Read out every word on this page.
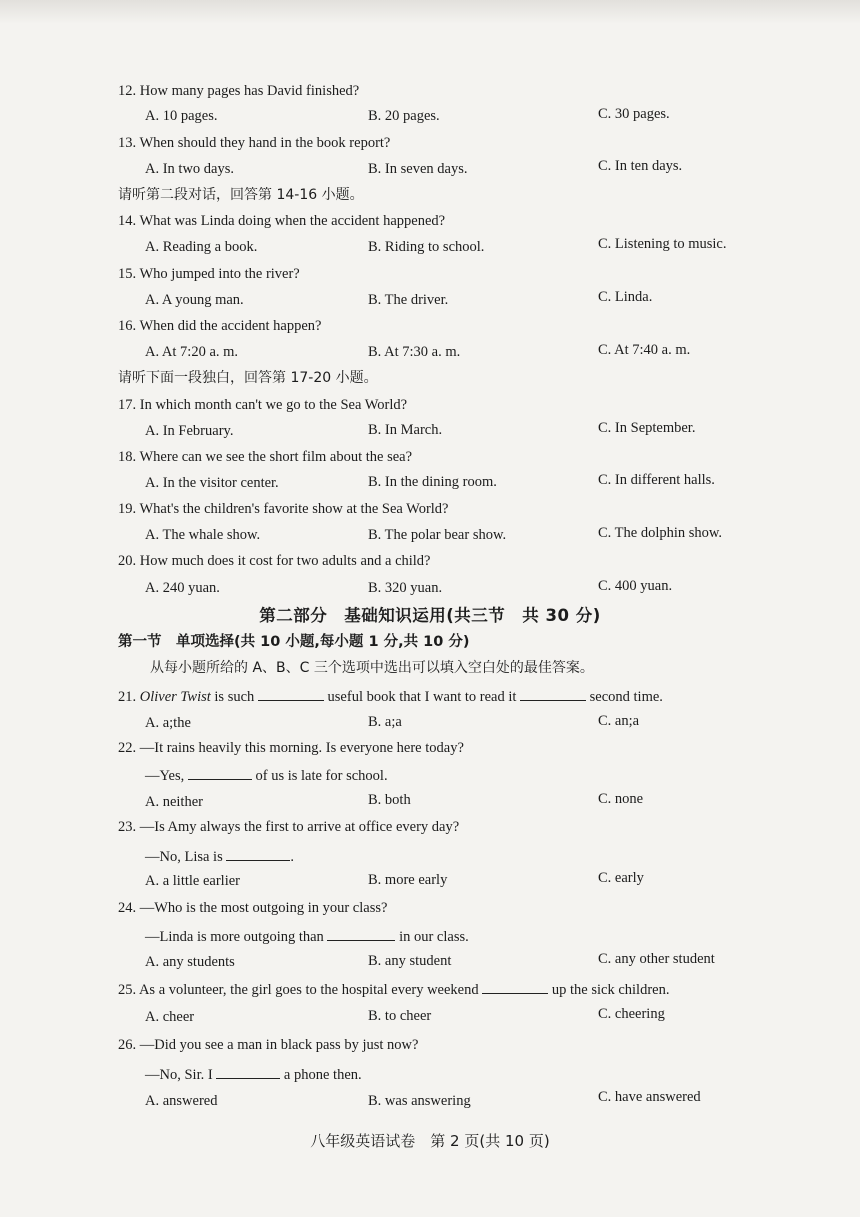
12. How many pages has David finished?
A. 10 pages.	B. 20 pages.	C. 30 pages.
13. When should they hand in the book report?
A. In two days.	B. In seven days.	C. In ten days.
请听第二段对话，回答第 14-16 小题。
14. What was Linda doing when the accident happened?
A. Reading a book.	B. Riding to school.	C. Listening to music.
15. Who jumped into the river?
A. A young man.	B. The driver.	C. Linda.
16. When did the accident happen?
A. At 7:20 a. m.	B. At 7:30 a. m.	C. At 7:40 a. m.
请听下面一段独白，回答第 17-20 小题。
17. In which month can't we go to the Sea World?
A. In February.	B. In March.	C. In September.
18. Where can we see the short film about the sea?
A. In the visitor center.	B. In the dining room.	C. In different halls.
19. What's the children's favorite show at the Sea World?
A. The whale show.	B. The polar bear show.	C. The dolphin show.
20. How much does it cost for two adults and a child?
A. 240 yuan.	B. 320 yuan.	C. 400 yuan.
第二部分　基础知识运用(共三节　共 30 分)
第一节　单项选择(共 10 小题,每小题 1 分,共 10 分)
从每小题所给的 A、B、C 三个选项中选出可以填入空白处的最佳答案。
21. Oliver Twist is such	useful book that I want to read it	second time.
A. a;the	B. a;a	C. an;a
22. —It rains heavily this morning. Is everyone here today?
—Yes,	of us is late for school.
A. neither	B. both	C. none
23. —Is Amy always the first to arrive at office every day?
—No, Lisa is	.
A. a little earlier	B. more early	C. early
24. —Who is the most outgoing in your class?
—Linda is more outgoing than	in our class.
A. any students	B. any student	C. any other student
25. As a volunteer, the girl goes to the hospital every weekend	up the sick children.
A. cheer	B. to cheer	C. cheering
26. —Did you see a man in black pass by just now?
—No, Sir. I	a phone then.
A. answered	B. was answering	C. have answered
八年级英语试卷　第 2 页(共 10 页)
